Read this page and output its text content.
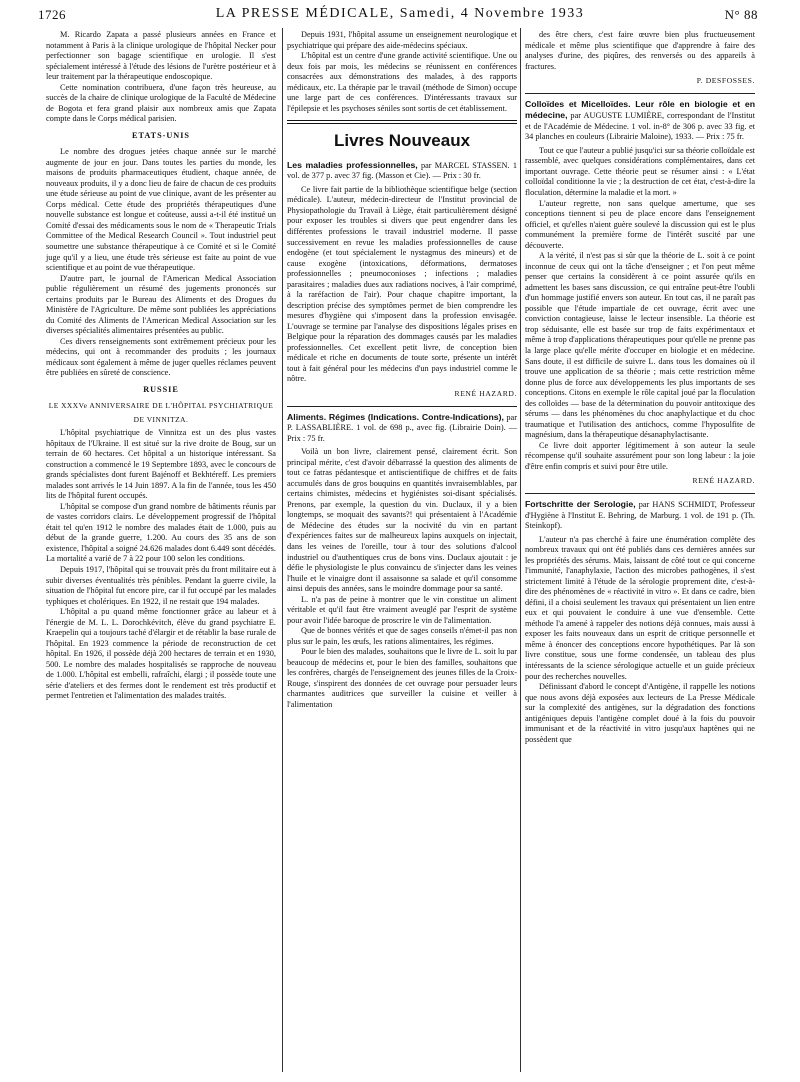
1726	LA PRESSE MÉDICALE, Samedi, 4 Novembre 1933	N° 88

M. Ricardo Zapata a passé plusieurs années en France et notamment à Paris à la clinique urologique de l'hôpital Necker pour perfectionner son bagage scientifique en urologie. Il s'est spécialement intéressé à l'étude des lésions de l'urètre postérieur et à leur traitement par la thérapeutique endoscopique.

Cette nomination contribuera, d'une façon très heureuse, au succès de la chaire de clinique urologique de la Faculté de Médecine de Bogota et fera grand plaisir aux nombreux amis que Zapata compte dans le Corps médical parisien.

ETATS-UNIS

Le nombre des drogues jetées chaque année sur le marché augmente de jour en jour. Dans toutes les parties du monde, les maisons de produits pharmaceutiques étudient, chaque année, de nouveaux produits, il y a donc lieu de faire de chacun de ces produits une étude sérieuse au point de vue clinique, avant de les présenter au Corps médical. Cette étude des propriétés thérapeutiques d'une nouvelle substance est longue et coûteuse, aussi a-t-il été institué un Comité d'essai des médicaments sous le nom de « Therapeutic Trials Committee of the Medical Research Council ». Tout industriel peut soumettre une substance thérapeutique à ce Comité et si le Comité juge qu'il y a lieu, une étude très sérieuse est faite au point de vue scientifique et au point de vue thérapeutique.

D'autre part, le journal de l'American Medical Association publie régulièrement un résumé des jugements prononcés sur certains produits par le Bureau des Aliments et des Drogues du Ministère de l'Agriculture. De même sont publiées les appréciations du Comité des Aliments de l'American Medical Association sur les diverses spécialités alimentaires présentées au public.

Ces divers renseignements sont extrêmement précieux pour les médecins, qui ont à recommander des produits ; les journaux médicaux sont également à même de juger quelles réclames peuvent être publiées en sûreté de conscience.

RUSSIE
LE XXXVe ANNIVERSAIRE DE L'HÔPITAL PSYCHIATRIQUE
DE VINNITZA.

L'hôpital psychiatrique de Vinnitza est un des plus vastes hôpitaux de l'Ukraine. Il est situé sur la rive droite de Boug, sur un terrain de 60 hectares. Cet hôpital a un historique intéressant. Sa construction a commencé le 19 Septembre 1893, avec le concours de grands spécialistes dont furent Bajénoff et Bekhtéreff. Les premiers malades sont arrivés le 14 Juin 1897. A la fin de l'année, tous les 450 lits de l'hôpital furent occupés.

L'hôpital se compose d'un grand nombre de bâtiments réunis par de vastes corridors clairs. Le développement progressif de l'hôpital était tel qu'en 1912 le nombre des malades était de 1.000, puis au début de la grande guerre, 1.200. Au cours des 35 ans de son existence, l'hôpital a soigné 24.626 malades dont 6.449 sont décédés. La mortalité a varié de 7 à 22 pour 100 selon les conditions.

Depuis 1917, l'hôpital qui se trouvait près du front militaire eut à subir diverses éventualités très pénibles. Pendant la guerre civile, la situation de l'hôpital fut encore pire, car il fut occupé par les malades typhiques et cholériques. En 1922, il ne restait que 194 malades.

L'hôpital a pu quand même fonctionner grâce au labeur et à l'énergie de M. L. L. Dorochkévitch, élève du grand psychiatre E. Kraepelin qui a toujours taché d'élargir et de rétablir la base rurale de l'hôpital. En 1923 commence la période de reconstruction de cet hôpital. En 1926, il possède déjà 200 hectares de terrain et en 1930, 500. Le nombre des malades hospitalisés se rapproche de nouveau de 1.000. L'hôpital est embelli, rafraîchi, élargi ; il possède toute une série d'ateliers et des fermes dont le rendement est très productif et permet l'entretien et l'alimentation des malades traités.

Depuis 1931, l'hôpital assume un enseignement neurologique et psychiatrique qui prépare des aide-médecins spéciaux.

L'hôpital est un centre d'une grande activité scientifique. Une ou deux fois par mois, les médecins se réunissent en conférences consacrées aux démonstrations des malades, à des rapports médicaux, etc. La thérapie par le travail (méthode de Simon) occupe une large part de ces conférences. D'intéressants travaux sur l'épilepsie et les psychoses séniles sont sortis de cet établissement.

Livres Nouveaux

Les maladies professionnelles, par MARCEL STASSEN. 1 vol. de 377 p. avec 37 fig. (Masson et Cie). — Prix : 30 fr.

Ce livre fait partie de la bibliothèque scientifique belge (section médicale). L'auteur, médecin-directeur de l'Institut provincial de Physiopathologie du Travail à Liège, était particulièrement désigné pour exposer les troubles si divers que peut engendrer dans les différentes professions le travail industriel moderne. Il passe successivement en revue les maladies professionnelles de cause endogène (et tout spécialement le nystagmus des mineurs) et de cause exogène (intoxications, déformations, dermatoses professionnelles ; pneumoconioses ; infections ; maladies parasitaires ; maladies dues aux radiations nocives, à l'air comprimé, à la raréfaction de l'air). Pour chaque chapitre important, la description précise des symptômes permet de bien comprendre les mesures d'hygiène qui s'imposent dans la profession envisagée. L'ouvrage se termine par l'analyse des dispositions légales prises en Belgique pour la réparation des dommages causés par les maladies professionnelles. Cet excellent petit livre, de conception bien médicale et riche en documents de toute sorte, présente un intérêt tout à fait général pour les médecins d'un pays industriel comme le nôtre.

RENÉ HAZARD.

Aliments. Régimes (Indications. Contre-Indications), par P. LASSABLIÈRE. 1 vol. de 698 p., avec fig. (Librairie Doin). — Prix : 75 fr.

Voilà un bon livre, clairement pensé, clairement écrit. Son principal mérite, c'est d'avoir débarrassé la question des aliments de tout ce fatras pédantesque et antiscientifique de chiffres et de faits accumulés dans de gros bouquins en quantités invraisemblables, par certains chimistes, médecins et hygiénistes soi-disant spécialisés. Prenons, par exemple, la question du vin. Duclaux, il y a bien longtemps, se moquait des savants?! qui présentaient à l'Académie de Médecine des études sur la nocivité du vin en partant d'expériences faites sur de malheureux lapins auxquels on injectait, dans les veines de l'oreille, tour à tour des solutions d'alcool industriel ou d'authentiques crus de bons vins. Duclaux ajoutait : je défie le physiologiste le plus convaincu de s'injecter dans les veines l'huile et le vinaigre dont il assaisonne sa salade et qu'il consomme ainsi depuis des années, sans le moindre dommage pour sa santé.

L. n'a pas de peine à montrer que le vin constitue un aliment véritable et qu'il faut être vraiment aveuglé par l'esprit de système pour avoir l'idée baroque de proscrire le vin de l'alimentation.

Que de bonnes vérités et que de sages conseils n'émet-il pas non plus sur le pain, les œufs, les rations alimentaires, les régimes.

Pour le bien des malades, souhaitons que le livre de L. soit lu par beaucoup de médecins et, pour le bien des familles, souhaitons que les confrères, chargés de l'enseignement des jeunes filles de la Croix-Rouge, s'inspirent des données de cet ouvrage pour persuader leurs charmantes auditrices que surveiller la cuisine et veiller à l'alimentation

des être chers, c'est faire œuvre bien plus fructueusement médicale et même plus scientifique que d'apprendre à faire des analyses d'urine, des piqûres, des renversés ou des appareils à fractures.

P. DESFOSSES.

Colloïdes et Micelloïdes. Leur rôle en biologie et en médecine, par AUGUSTE LUMIÈRE, correspondant de l'Institut et de l'Académie de Médecine. 1 vol. in-8° de 306 p. avec 33 fig. et 34 planches en couleurs (Librairie Maloine), 1933. — Prix : 75 fr.

Tout ce que l'auteur a publié jusqu'ici sur sa théorie colloïdale est rassemblé, avec quelques considérations complémentaires, dans cet important ouvrage. Cette théorie peut se résumer ainsi : « L'état colloïdal conditionne la vie ; la destruction de cet état, c'est-à-dire la floculation, détermine la maladie et la mort. »

L'auteur regrette, non sans quelque amertume, que ses conceptions tiennent si peu de place encore dans l'enseignement officiel, et qu'elles n'aient guère soulevé la discussion qui est le plus communément la première forme de l'intérêt suscité par une découverte.

A la vérité, il n'est pas si sûr que la théorie de L. soit à ce point inconnue de ceux qui ont la tâche d'enseigner ; et l'on peut même penser que certains la considèrent à ce point assurée qu'ils en admettent les bases sans discussion, ce qui entraîne peut-être l'oubli d'un hommage justifié envers son auteur. En tout cas, il ne paraît pas possible que l'étude impartiale de cet ouvrage, écrit avec une conviction contagieuse, laisse le lecteur insensible. La théorie est trop séduisante, elle est basée sur trop de faits expérimentaux et même à trop d'applications thérapeutiques pour qu'elle ne prenne pas la large place qu'elle mérite d'occuper en biologie et en médecine. Sans doute, il est difficile de suivre L. dans tous les domaines où il trouve une application de sa théorie ; mais cette restriction même donne plus de force aux développements les plus importants de ses conceptions. Citons en exemple le rôle capital joué par la floculation des colloïdes — base de la détermination du pouvoir antitoxique des sérums — dans les phénomènes du choc anaphylactique et du choc traumatique et l'utilisation des antichocs, comme l'hyposulfite de magnésium, dans la thérapeutique désanaphylactisante.

Ce livre doit apporter légitimement à son auteur la seule récompense qu'il souhaite assurément pour son long labeur : la joie d'être enfin compris et suivi pour être utile.

RENÉ HAZARD.

Fortschritte der Serologie, par HANS SCHMIDT, Professeur d'Hygiène à l'Institut E. Behring, de Marburg. 1 vol. de 191 p. (Th. Steinkopf).

L'auteur n'a pas cherché à faire une énumération complète des nombreux travaux qui ont été publiés dans ces dernières années sur les propriétés des sérums. Mais, laissant de côté tout ce qui concerne l'immunité, l'anaphylaxie, l'action des microbes pathogènes, il s'est strictement limité à l'étude de la sérologie proprement dite, c'est-à-dire des phénomènes de « réactivité in vitro ». Et dans ce cadre, bien défini, il a choisi seulement les travaux qui présentaient un lien entre eux et qui pouvaient le conduire à une vue d'ensemble. Cette méthode l'a amené à rappeler des notions déjà connues, mais aussi à exposer les faits nouveaux dans un esprit de critique personnelle et même à énoncer des conceptions encore hypothétiques. Par là son livre constitue, sous une forme condensée, un tableau des plus intéressants de la science sérologique actuelle et un guide précieux pour des recherches nouvelles.

Définissant d'abord le concept d'Antigène, il rappelle les notions que nous avons déjà exposées aux lecteurs de La Presse Médicale sur la complexité des antigènes, sur la dégradation des fonctions antigéniques depuis l'antigène complet doué à la fois du pouvoir immunisant et de la réactivité in vitro jusqu'aux haptènes qui ne possèdent que
